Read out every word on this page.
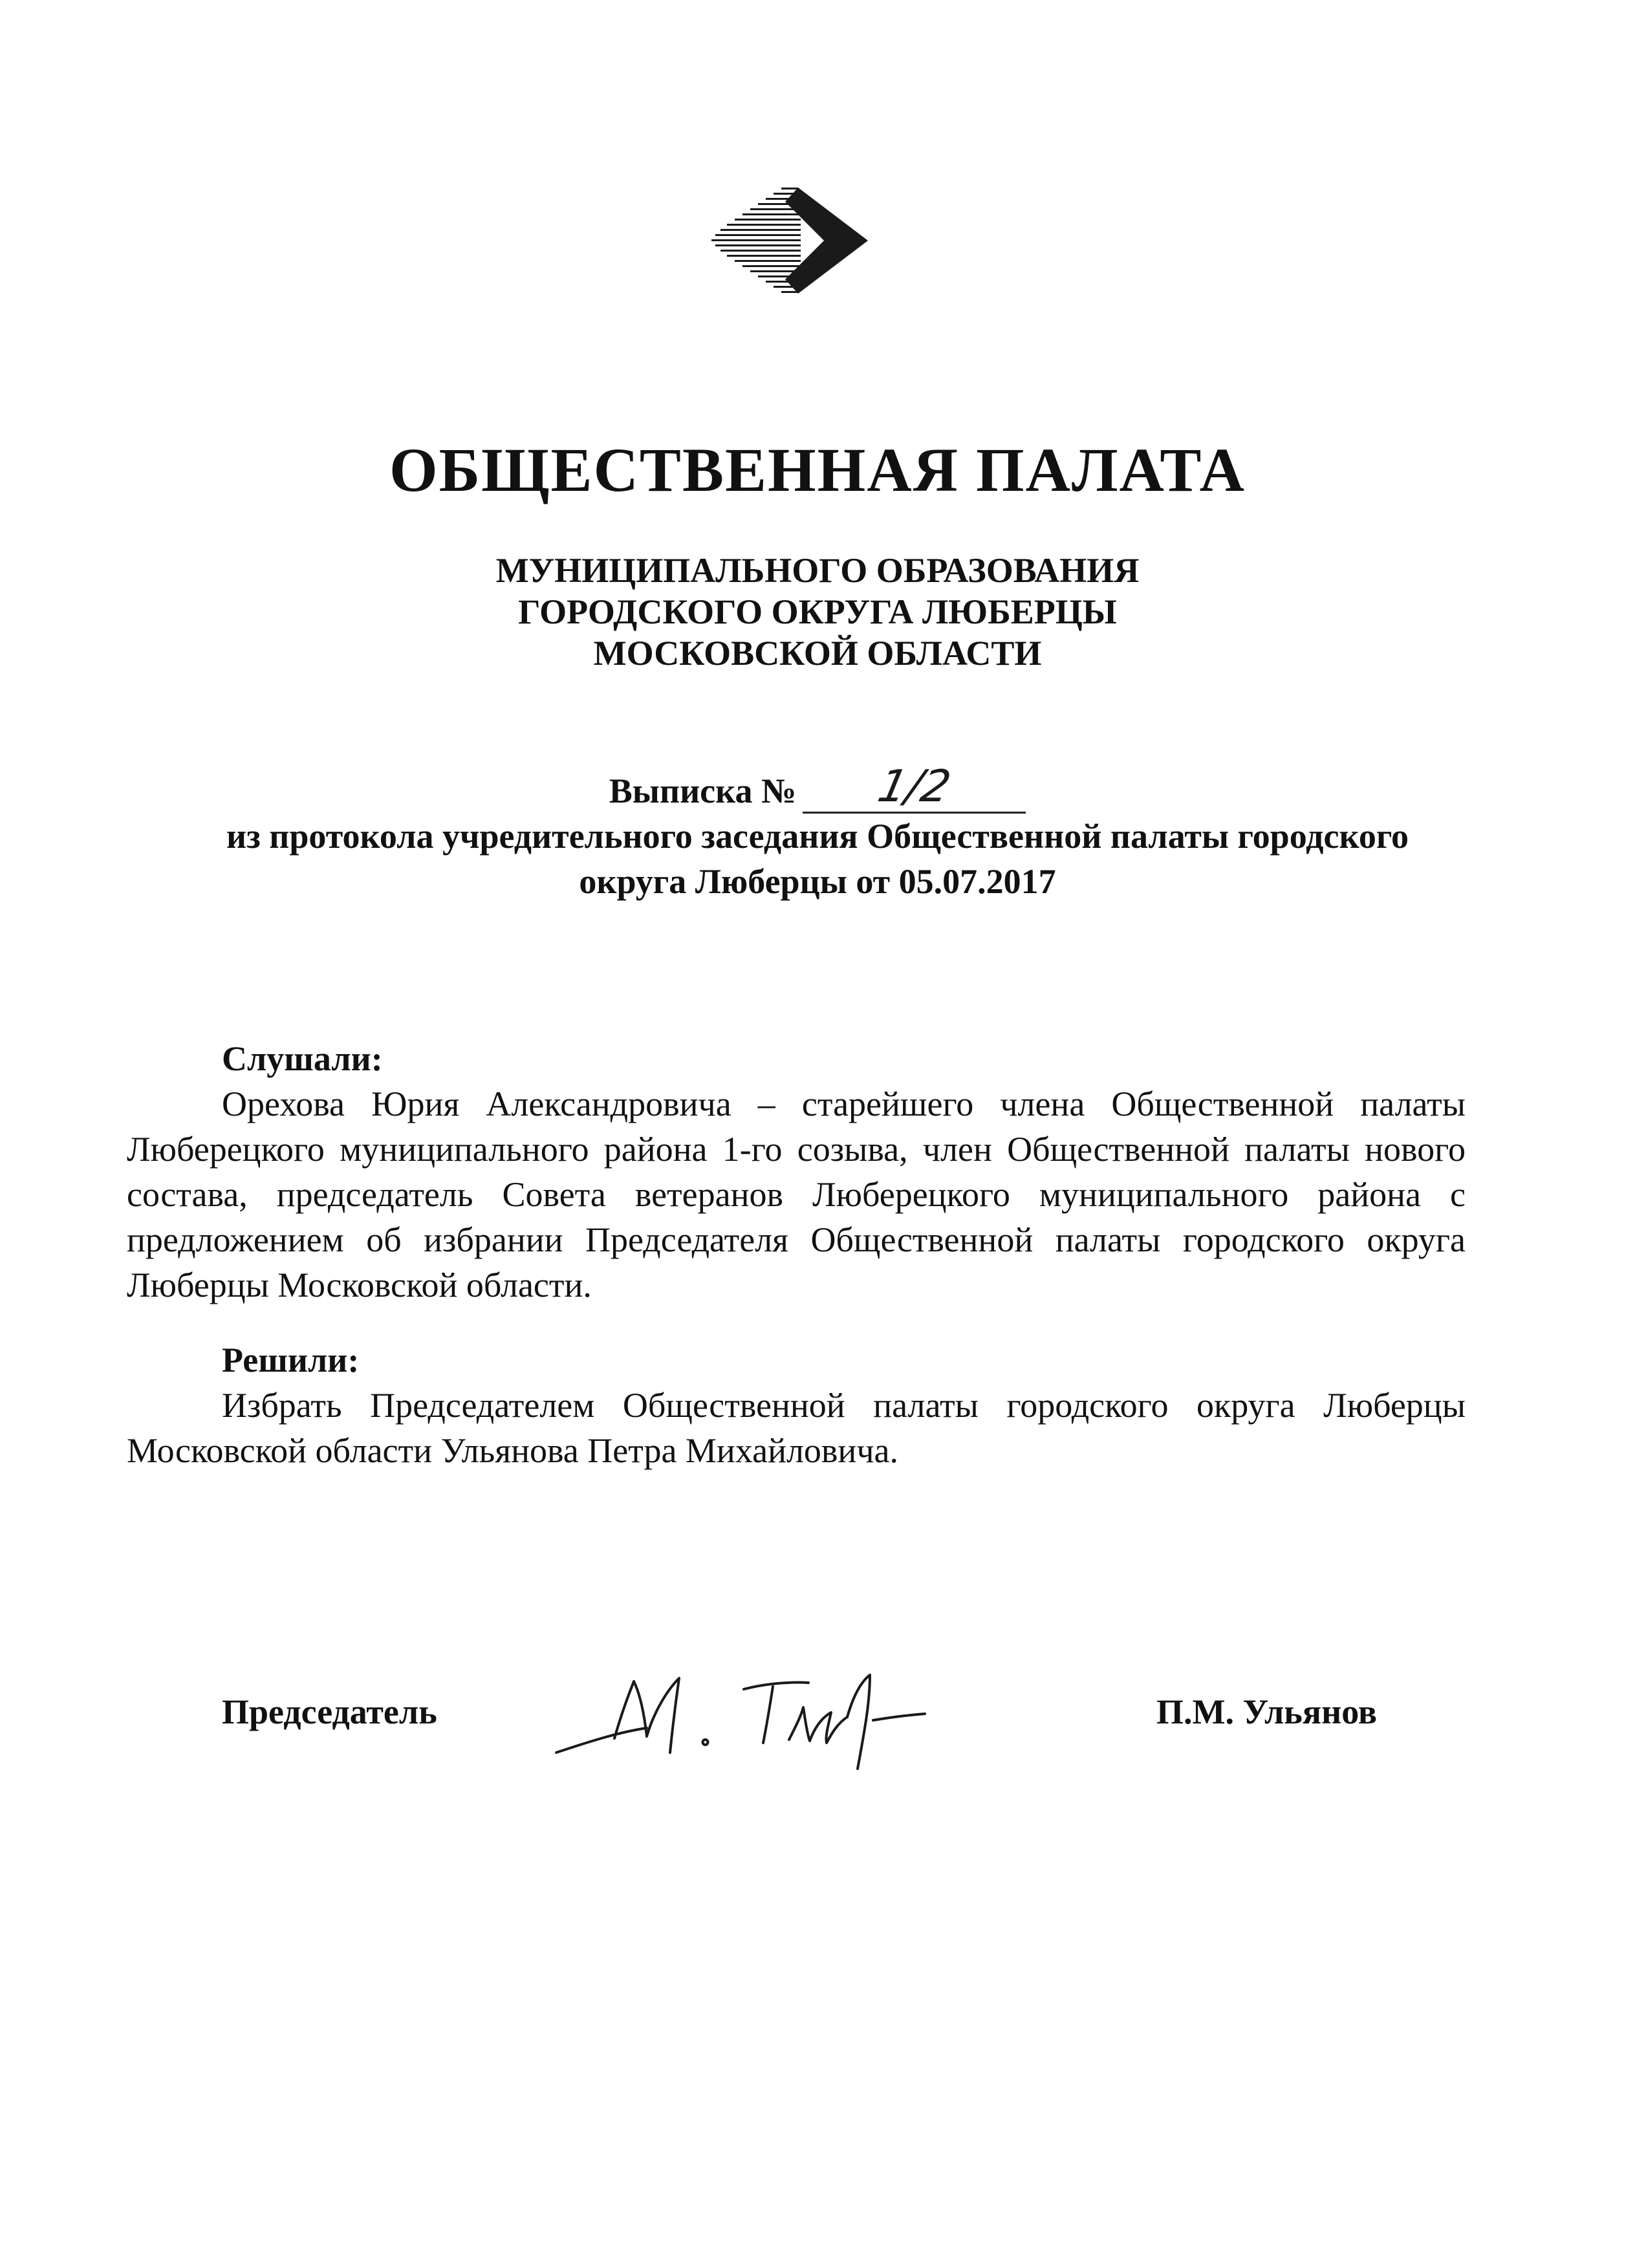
ОБЩЕСТВЕННАЯ ПАЛАТА
МУНИЦИПАЛЬНОГО ОБРАЗОВАНИЯ
ГОРОДСКОГО ОКРУГА ЛЮБЕРЦЫ
МОСКОВСКОЙ ОБЛАСТИ
Выписка №	1/2
из протокола учредительного заседания Общественной палаты городского
округа Люберцы от 05.07.2017

Слушали:

Орехова Юрия Александровича – старейшего члена Общественной палаты Люберецкого муниципального района 1-го созыва, член Общественной палаты нового состава, председатель Совета ветеранов Люберецкого муниципального района с предложением об избрании Председателя Общественной палаты городского округа Люберцы Московской области.

Решили:

Избрать Председателем Общественной палаты городского округа Люберцы Московской области Ульянова Петра Михайловича.

Председатель	П.М. Ульянов
